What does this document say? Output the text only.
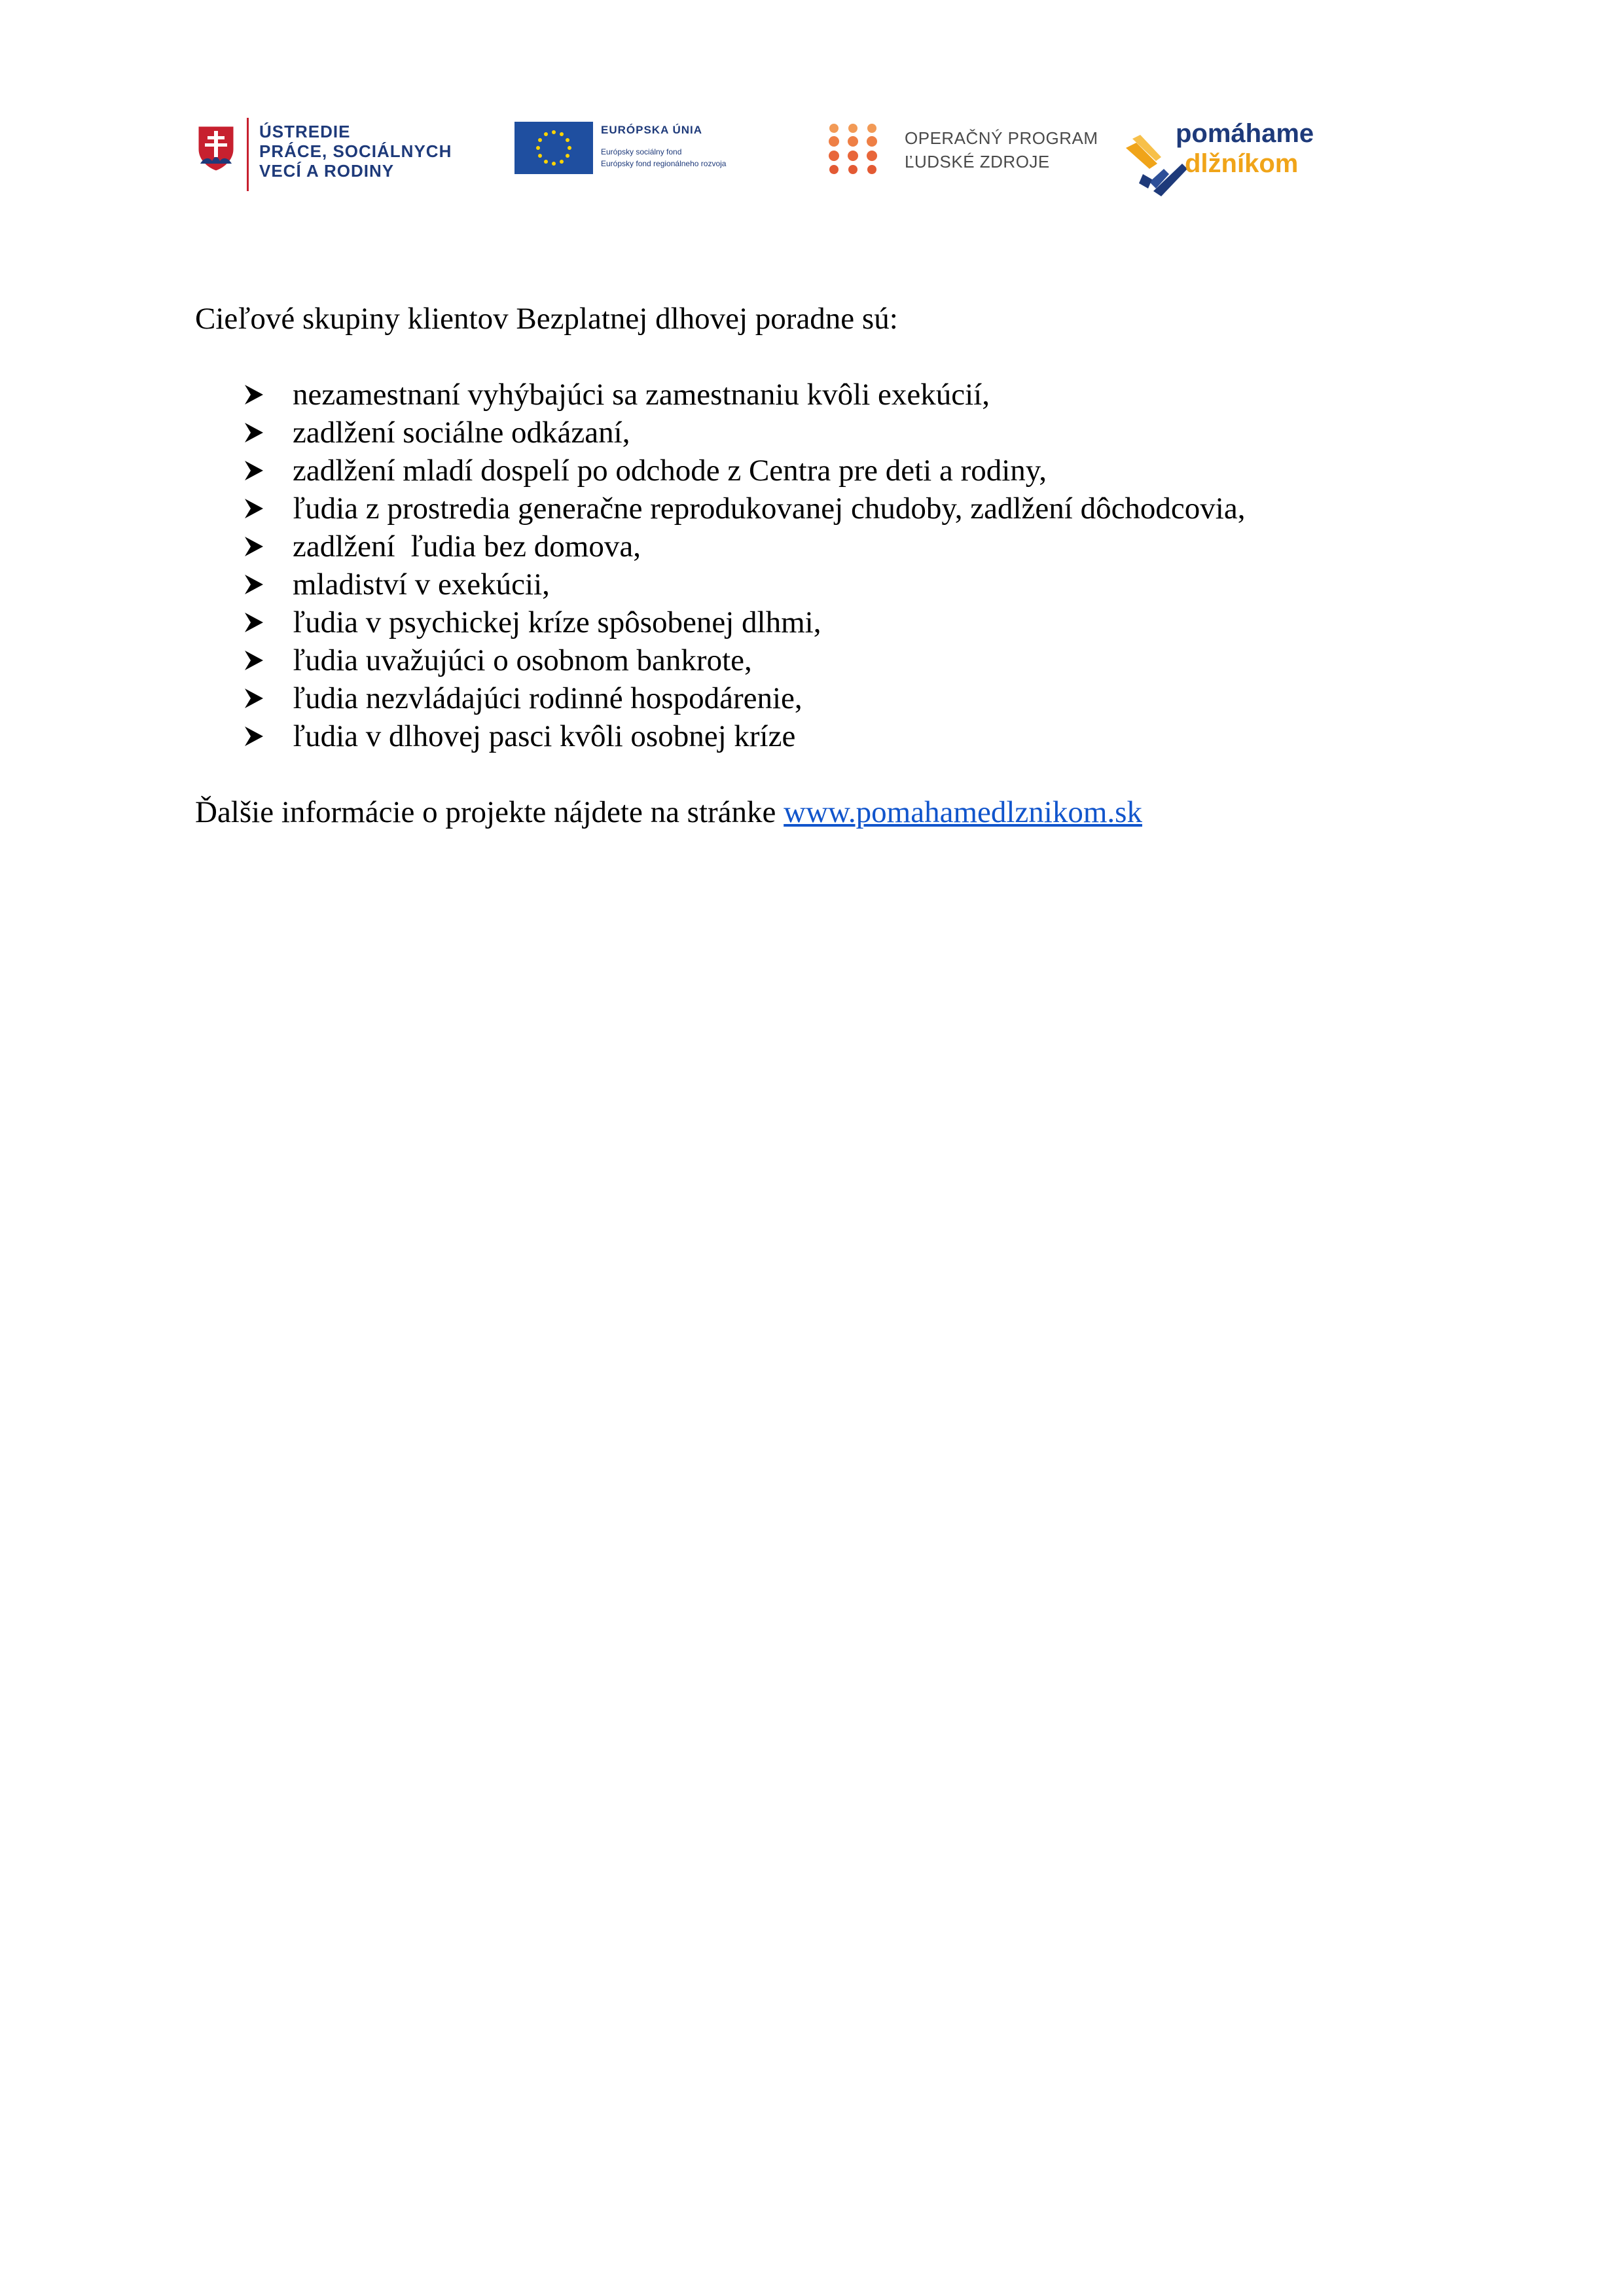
ÚSTREDIE
PRÁCE, SOCIÁLNYCH
VECÍ A RODINY
EURÓPSKA ÚNIA
Európsky sociálny fond
Európsky fond regionálneho rozvoja
OPERAČNÝ PROGRAM
ĽUDSKÉ ZDROJE
pomáhame
dlžníkom

Cieľové skupiny klientov Bezplatnej dlhovej poradne sú:

nezamestnaní vyhýbajúci sa zamestnaniu kvôli exekúcií,
zadlžení sociálne odkázaní,
zadlžení mladí dospelí po odchode z Centra pre deti a rodiny,
ľudia z prostredia generačne reprodukovanej chudoby, zadlžení dôchodcovia,
zadlžení  ľudia bez domova,
mladiství v exekúcii,
ľudia v psychickej kríze spôsobenej dlhmi,
ľudia uvažujúci o osobnom bankrote,
ľudia nezvládajúci rodinné hospodárenie,
ľudia v dlhovej pasci kvôli osobnej kríze

Ďalšie informácie o projekte nájdete na stránke www.pomahamedlznikom.sk
